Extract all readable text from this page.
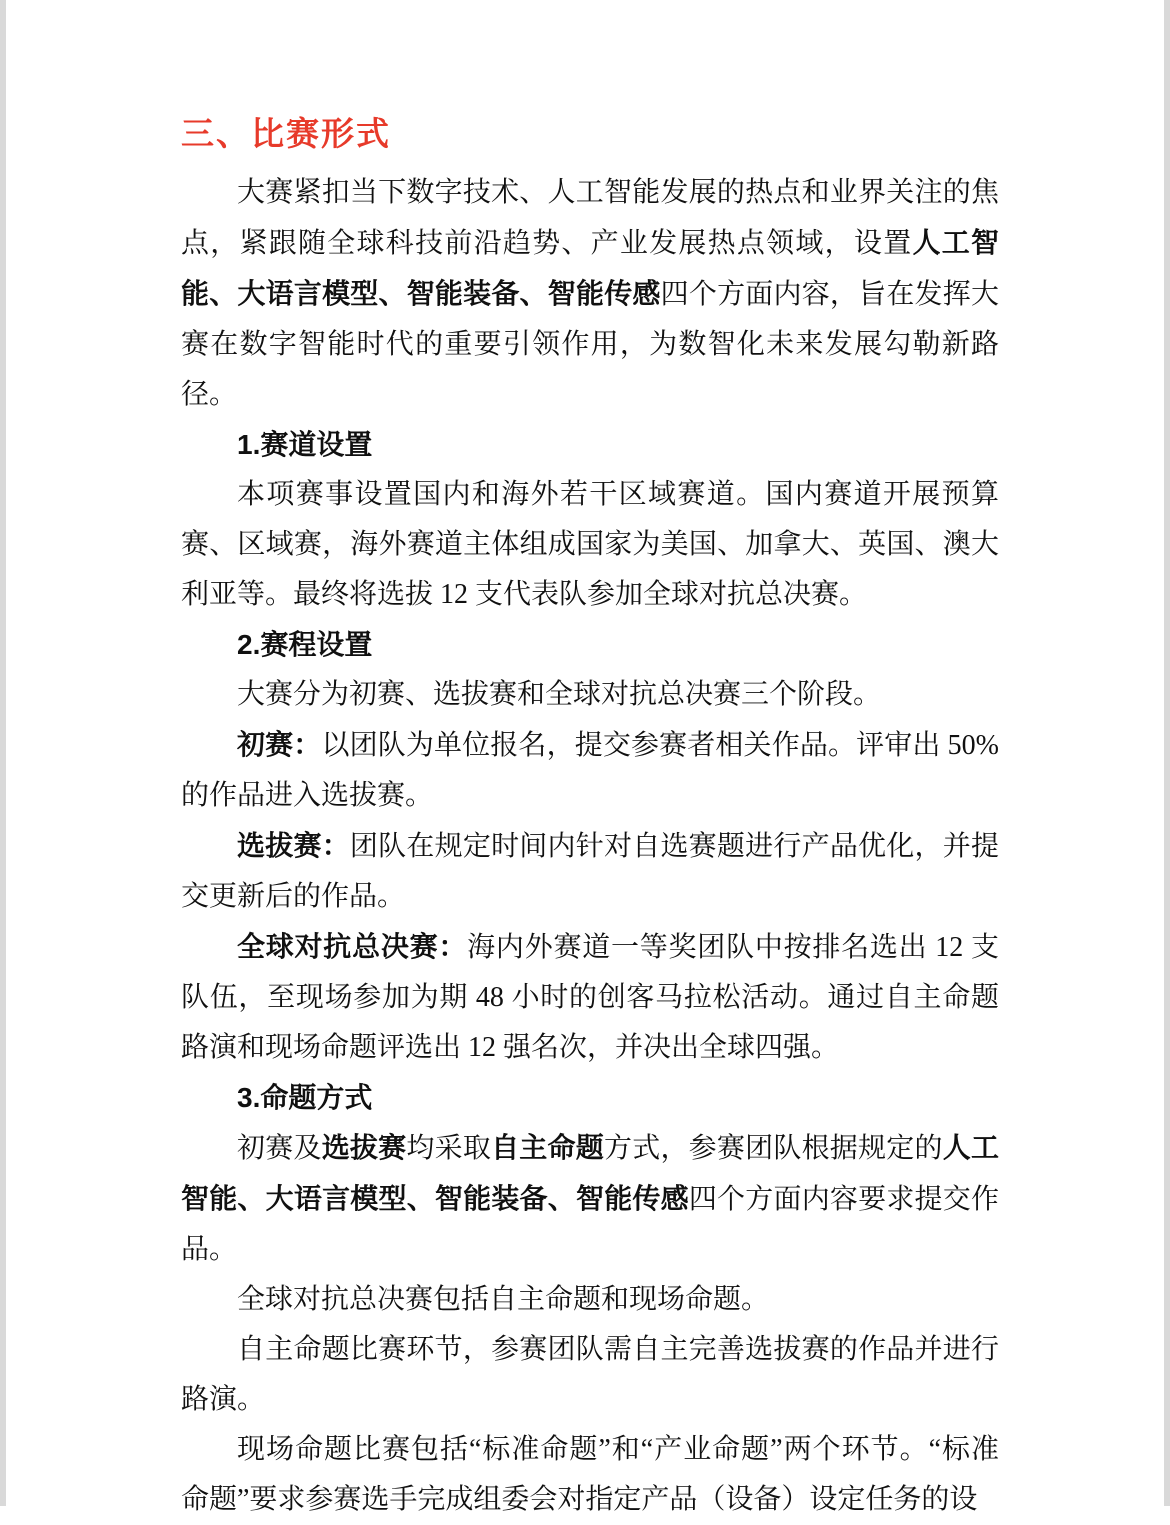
三、比赛形式

大赛紧扣当下数字技术、人工智能发展的热点和业界关注的焦点，紧跟随全球科技前沿趋势、产业发展热点领域，设置人工智能、大语言模型、智能装备、智能传感四个方面内容，旨在发挥大赛在数字智能时代的重要引领作用，为数智化未来发展勾勒新路径。

1.赛道设置

本项赛事设置国内和海外若干区域赛道。国内赛道开展预算赛、区域赛，海外赛道主体组成国家为美国、加拿大、英国、澳大利亚等。最终将选拔 12 支代表队参加全球对抗总决赛。

2.赛程设置

大赛分为初赛、选拔赛和全球对抗总决赛三个阶段。

初赛：以团队为单位报名，提交参赛者相关作品。评审出 50%的作品进入选拔赛。

选拔赛：团队在规定时间内针对自选赛题进行产品优化，并提交更新后的作品。

全球对抗总决赛：海内外赛道一等奖团队中按排名选出 12 支队伍，至现场参加为期 48 小时的创客马拉松活动。通过自主命题路演和现场命题评选出 12 强名次，并决出全球四强。

3.命题方式

初赛及选拔赛均采取自主命题方式，参赛团队根据规定的人工智能、大语言模型、智能装备、智能传感四个方面内容要求提交作品。

全球对抗总决赛包括自主命题和现场命题。

自主命题比赛环节，参赛团队需自主完善选拔赛的作品并进行路演。

现场命题比赛包括“标准命题”和“产业命题”两个环节。“标准命题”要求参赛选手完成组委会对指定产品（设备）设定任务的设
